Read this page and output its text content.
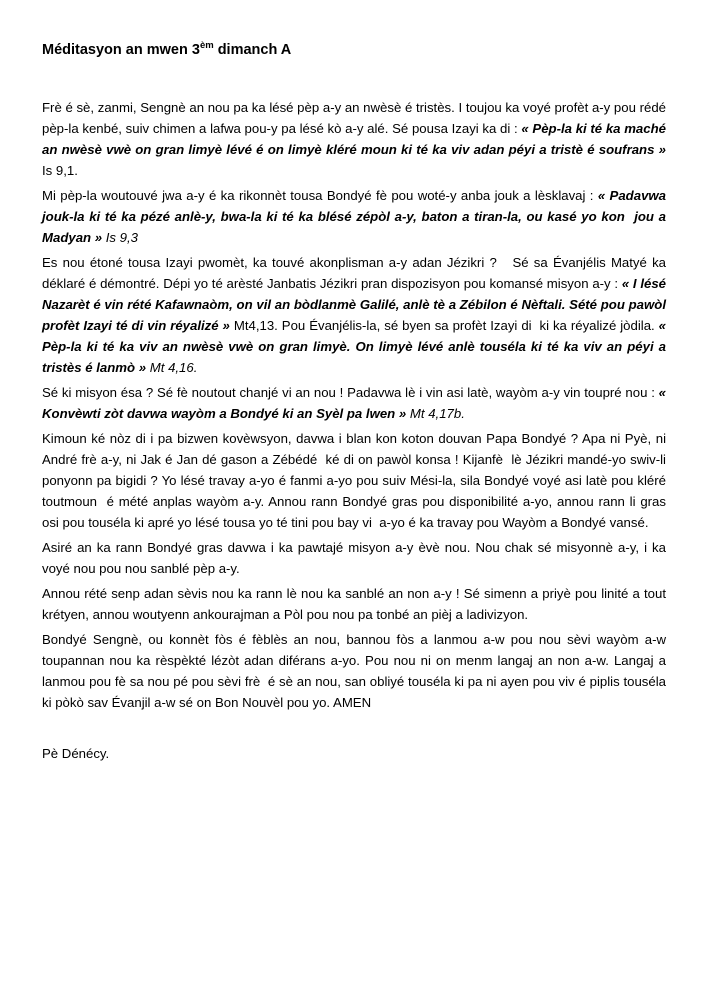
Méditasyon an mwen $3^{èm}$ dimanch A

Frè é sè, zanmi, Sengnè an nou pa ka lésé pèp a-y an nwèsè é tristès. I toujou ka voyé profèt a-y pou rédé pèp-la kenbé, suiv chimen a lafwa pou-y pa lésé kò a-y alé. Sé pousa Izayi ka di : « Pèp-la ki té ka maché an nwèsè vwè on gran limyè lévé é on limyè kléré moun ki té ka viv adan péyi a tristè é soufrans » Is 9,1.

Mi pèp-la woutouvé jwa a-y é ka rikonnèt tousa Bondyé fè pou woté-y anba jouk a lèsklavaj : « Padavwa jouk-la ki té ka pézé anlè-y, bwa-la ki té ka blésé zépòl a-y, baton a tiran-la, ou kasé yo kon  jou a Madyan » Is 9,3

Es nou étoné tousa Izayi pwomèt, ka touvé akonplisman a-y adan Jézikri ?   Sé sa Évanjélis Matyé ka déklaré é démontré. Dépi yo té arèsté Janbatis Jézikri pran dispozisyon pou komansé misyon a-y : « I lésé Nazarèt é vin rété Kafawnaòm, on vil an bòdlanmè Galilé, anlè tè a Zébilon é Nèftali. Sété pou pawòl profèt Izayi té di vin réyalizé » Mt4,13. Pou Évanjélis-la, sé byen sa profèt Izayi di  ki ka réyalizé jòdila. « Pèp-la ki té ka viv an nwèsè vwè on gran limyè. On limyè lévé anlè touséla ki té ka viv an péyi a tristès é lanmò » Mt 4,16.

Sé ki misyon ésa ? Sé fè noutout chanjé vi an nou ! Padavwa lè i vin asi latè, wayòm a-y vin toupré nou : « Konvèwti zòt davwa wayòm a Bondyé ki an Syèl pa lwen » Mt 4,17b.

Kimoun ké nòz di i pa bizwen kovèwsyon, davwa i blan kon koton douvan Papa Bondyé ? Apa ni Pyè, ni André frè a-y, ni Jak é Jan dé gason a Zébédé  ké di on pawòl konsa ! Kijanfè  lè Jézikri mandé-yo swiv-li ponyonn pa bigidi ? Yo lésé travay a-yo é fanmi a-yo pou suiv Mési-la, sila Bondyé voyé asi latè pou kléré toutmoun  é mété anplas wayòm a-y. Annou rann Bondyé gras pou disponibilité a-yo, annou rann li gras osi pou touséla ki apré yo lésé tousa yo té tini pou bay vi  a-yo é ka travay pou Wayòm a Bondyé vansé.

Asiré an ka rann Bondyé gras davwa i ka pawtajé misyon a-y èvè nou. Nou chak sé misyonnè a-y, i ka voyé nou pou nou sanblé pèp a-y.

Annou rété senp adan sèvis nou ka rann lè nou ka sanblé an non a-y ! Sé simenn a priyè pou linité a tout krétyen, annou woutyenn ankourajman a Pòl pou nou pa tonbé an pièj a ladivizyon.

Bondyé Sengnè, ou konnèt fòs é fèblès an nou, bannou fòs a lanmou a-w pou nou sèvi wayòm a-w toupannan nou ka rèspèkté lézòt adan diférans a-yo. Pou nou ni on menm langaj an non a-w. Langaj a lanmou pou fè sa nou pé pou sèvi frè  é sè an nou, san obliyé touséla ki pa ni ayen pou viv é piplis touséla ki pòkò sav Évanjil a-w sé on Bon Nouvèl pou yo. AMEN

Pè Dénécy.
